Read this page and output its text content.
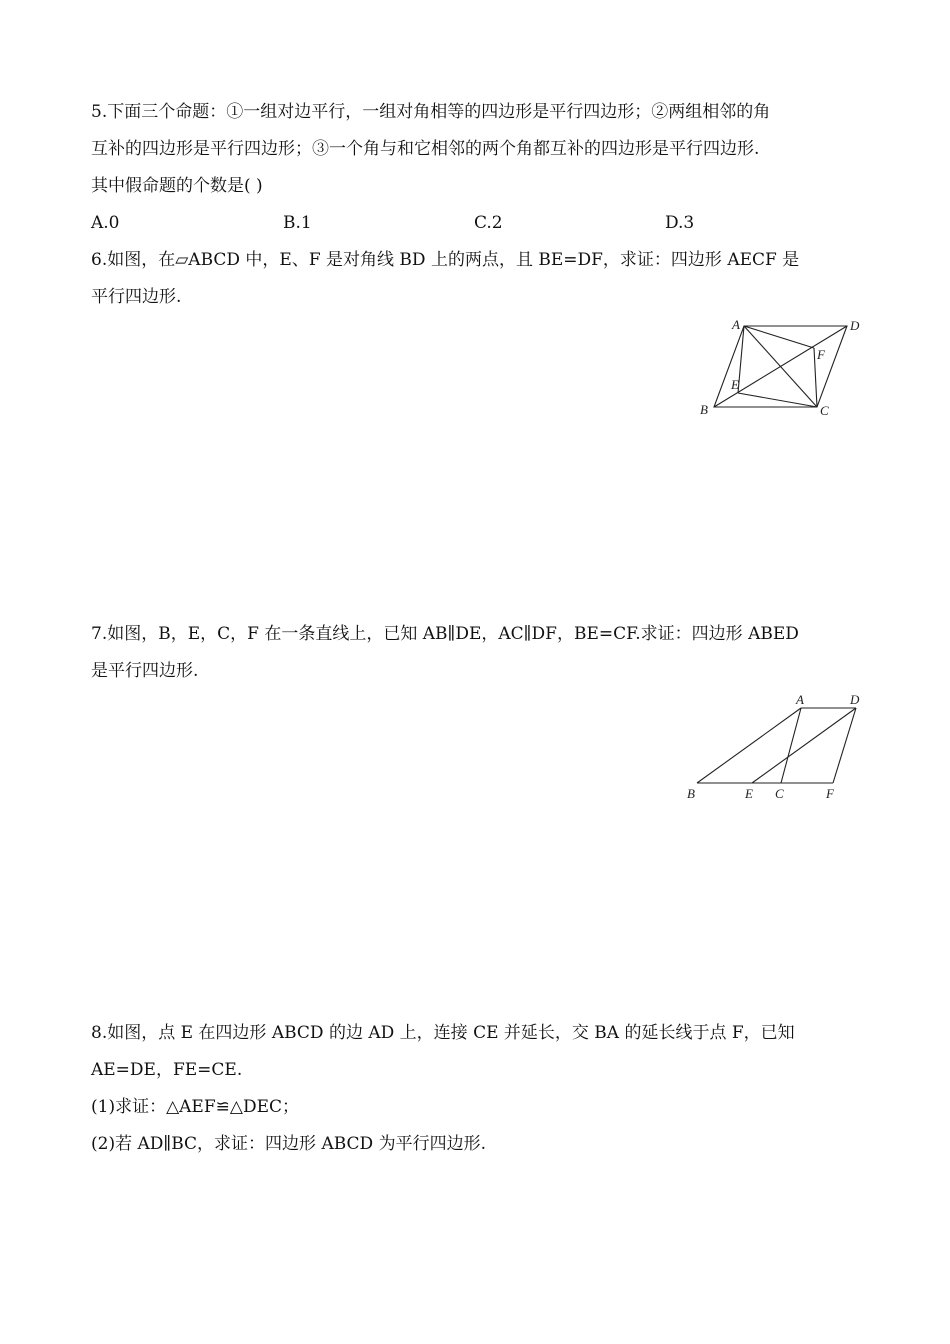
5.下面三个命题：①一组对边平行，一组对角相等的四边形是平行四边形；②两组相邻的角
互补的四边形是平行四边形；③一个角与和它相邻的两个角都互补的四边形是平行四边形.
其中假命题的个数是( )
A.0	B.1	C.2	D.3
6.如图，在▱ABCD 中，E、F 是对角线 BD 上的两点，且 BE=DF，求证：四边形 AECF 是
平行四边形.
A	D
F
E
B	C
7.如图，B，E，C，F 在一条直线上，已知 AB∥DE，AC∥DF，BE=CF.求证：四边形 ABED
是平行四边形.
A	D
B	E C	F
8.如图，点 E 在四边形 ABCD 的边 AD 上，连接 CE 并延长，交 BA 的延长线于点 F，已知
AE=DE，FE=CE.
(1)求证：△AEF≌△DEC；
(2)若 AD∥BC，求证：四边形 ABCD 为平行四边形.
